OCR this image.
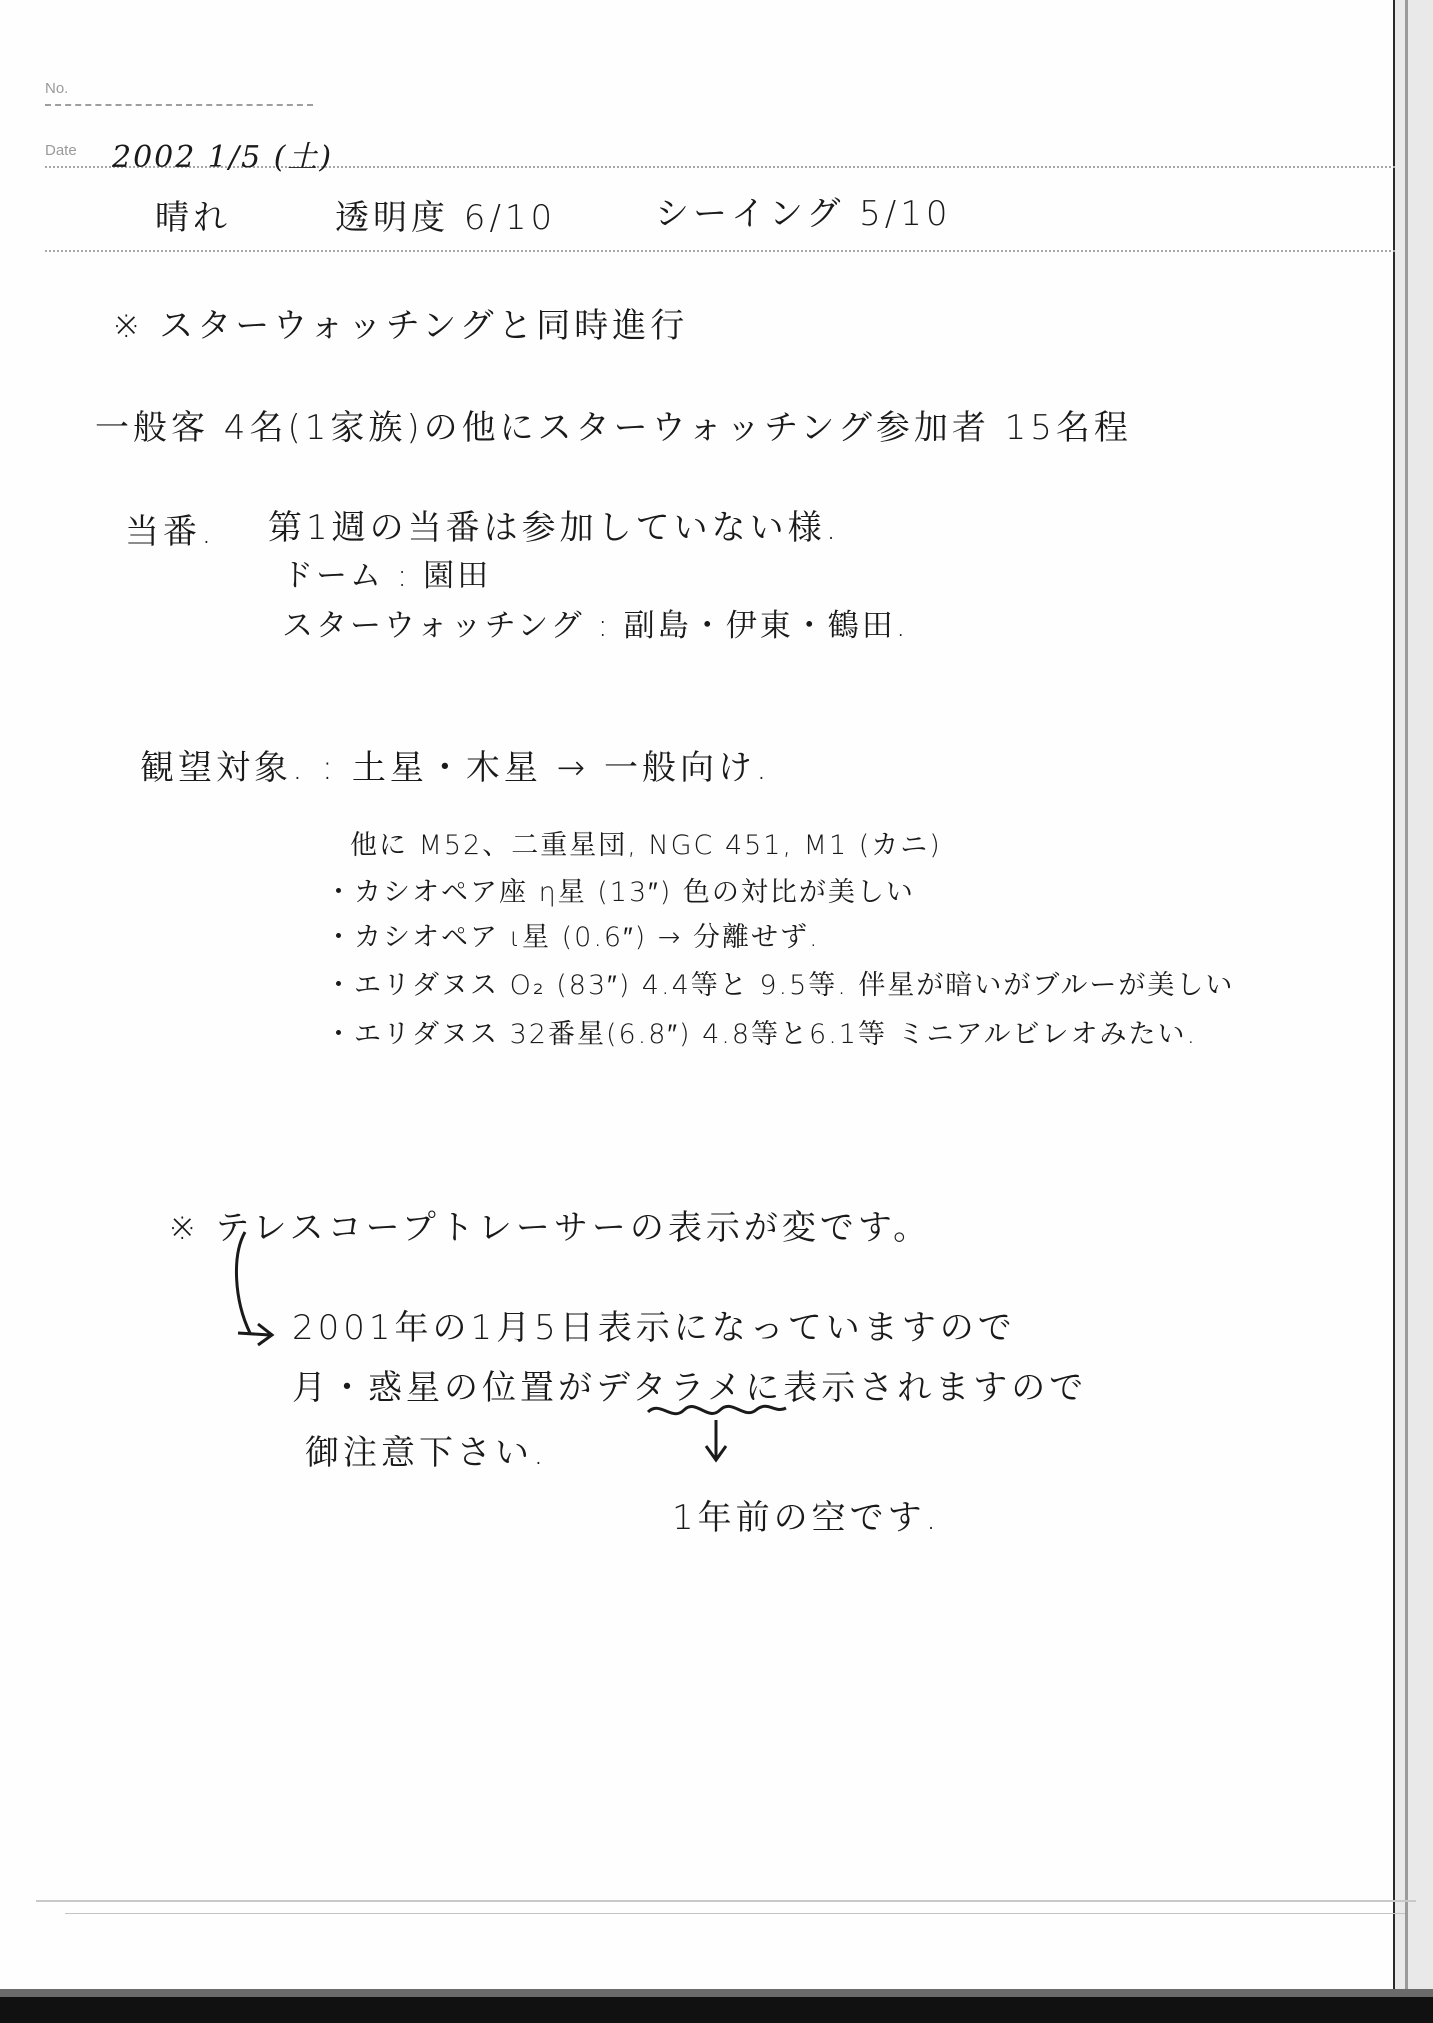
No.
Date 2002 1/5 (土)
晴れ	透明度 6/10	シーイング 5/10
※ スターウォッチングと同時進行
一般客 4名(1家族)の他にスターウォッチング参加者 15名程
当番. 第1週の当番は参加していない様.
ドーム : 園田
スターウォッチング : 副島・伊東・鶴田.
観望対象. : 土星・木星 → 一般向け.
他に M52、二重星団, NGC 451, M1 (カニ)
・カシオペア座 η星 (13″) 色の対比が美しい
・カシオペア ι星 (0.6″) → 分離せず.
・エリダヌス O₂ (83″) 4.4等と 9.5等. 伴星が暗いがブルーが美しい
・エリダヌス 32番星(6.8″) 4.8等と6.1等 ミニアルビレオみたい.
※ テレスコープトレーサーの表示が変です。
2001年の1月5日表示になっていますので
月・惑星の位置がデタラメに表示されますので
御注意下さい.
1年前の空です.
